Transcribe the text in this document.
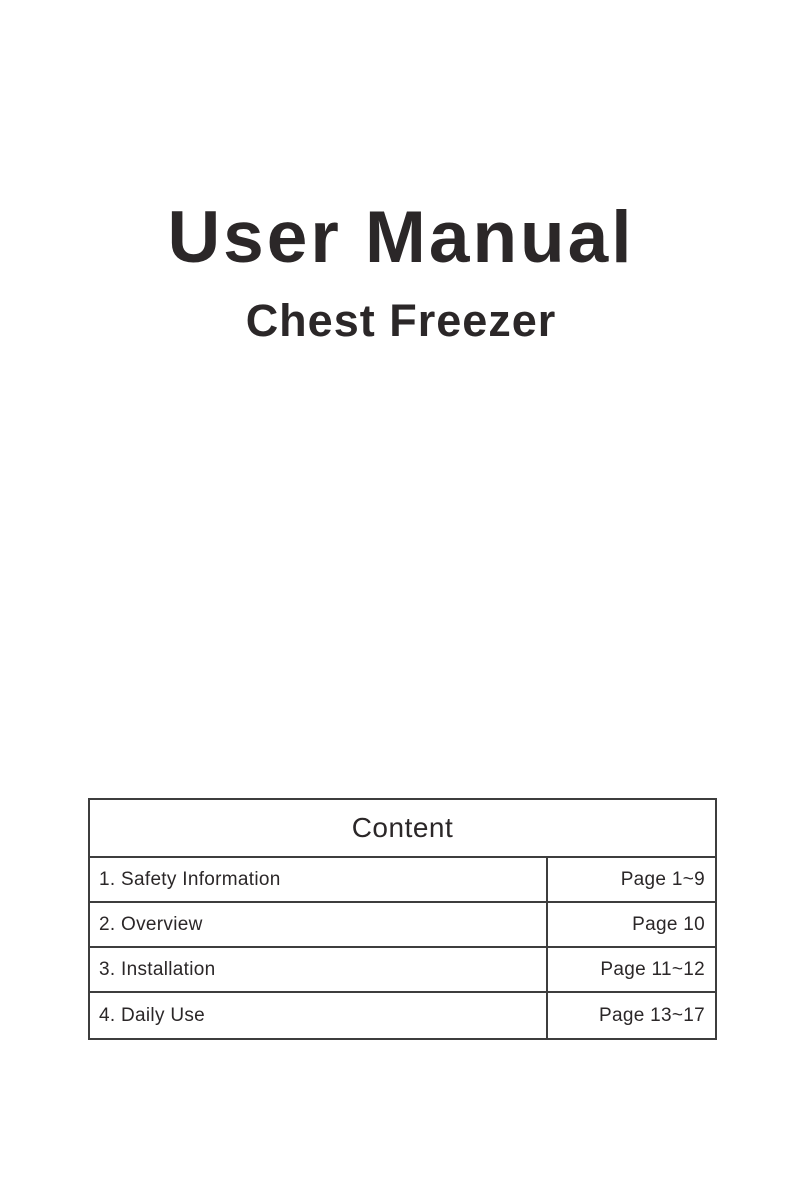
User Manual
Chest Freezer
Content
1. Safety Information	Page 1~9
2. Overview	Page 10
3. Installation	Page 11~12
4. Daily Use	Page 13~17
